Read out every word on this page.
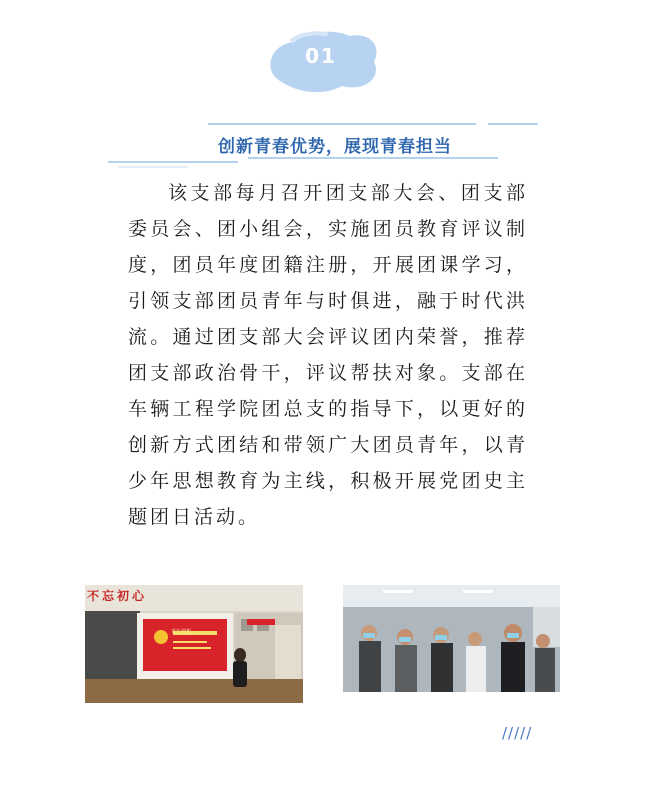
01
创新青春优势，展现青春担当

该支部每月召开团支部大会、团支部委员会、团小组会，实施团员教育评议制度，团员年度团籍注册，开展团课学习，引领支部团员青年与时俱进，融于时代洪流。通过团支部大会评议团内荣誉，推荐团支部政治骨干，评议帮扶对象。支部在车辆工程学院团总支的指导下，以更好的创新方式团结和带领广大团员青年，以青少年思想教育为主线，积极开展党团史主题团日活动。

不忘初心
青年理想
/////
